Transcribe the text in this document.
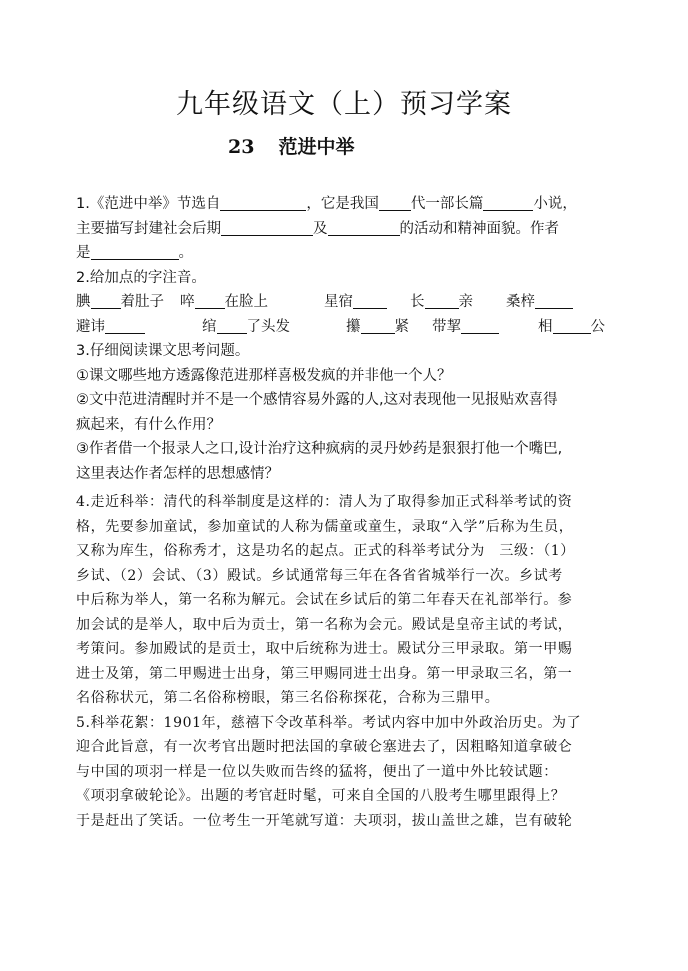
九年级语文（上）预习学案
23 范进中举
1.《范进中举》节选自	，它是我国 代一部长篇	小说，
主要描写封建社会后期	及	的活动和精神面貌。作者
是	。
2.给加点的字注音。
腆 着肚子	啐 在脸上	星宿	长 亲	桑梓
避讳	绾 了头发	攥 紧	带挈	相	公
3.仔细阅读课文思考问题。
①课文哪些地方透露像范进那样喜极发疯的并非他一个人？
②文中范进清醒时并不是一个感情容易外露的人,这对表现他一见报贴欢喜得
疯起来，有什么作用？
③作者借一个报录人之口,设计治疗这种疯病的灵丹妙药是狠狠打他一个嘴巴,
这里表达作者怎样的思想感情？
4.走近科举：清代的科举制度是这样的：清人为了取得参加正式科举考试的资
格，先要参加童试，参加童试的人称为儒童或童生，录取“入学”后称为生员，
又称为库生，俗称秀才，这是功名的起点。正式的科举考试分为　三级：（1）
乡试、（2）会试、（3）殿试。乡试通常每三年在各省省城举行一次。乡试考
中后称为举人，第一名称为解元。会试在乡试后的第二年春天在礼部举行。参
加会试的是举人，取中后为贡士，第一名称为会元。殿试是皇帝主试的考试，
考策问。参加殿试的是贡士，取中后统称为进士。殿试分三甲录取。第一甲赐
进士及第，第二甲赐进士出身，第三甲赐同进士出身。第一甲录取三名，第一
名俗称状元，第二名俗称榜眼，第三名俗称探花，合称为三鼎甲。
5.科举花絮：1901年，慈禧下令改革科举。考试内容中加中外政治历史。为了
迎合此旨意，有一次考官出题时把法国的拿破仑塞进去了，因粗略知道拿破仑
与中国的项羽一样是一位以失败而告终的猛将，便出了一道中外比较试题：
《项羽拿破轮论》。出题的考官赶时髦，可来自全国的八股考生哪里跟得上？
于是赶出了笑话。一位考生一开笔就写道：夫项羽，拔山盖世之雄，岂有破轮
